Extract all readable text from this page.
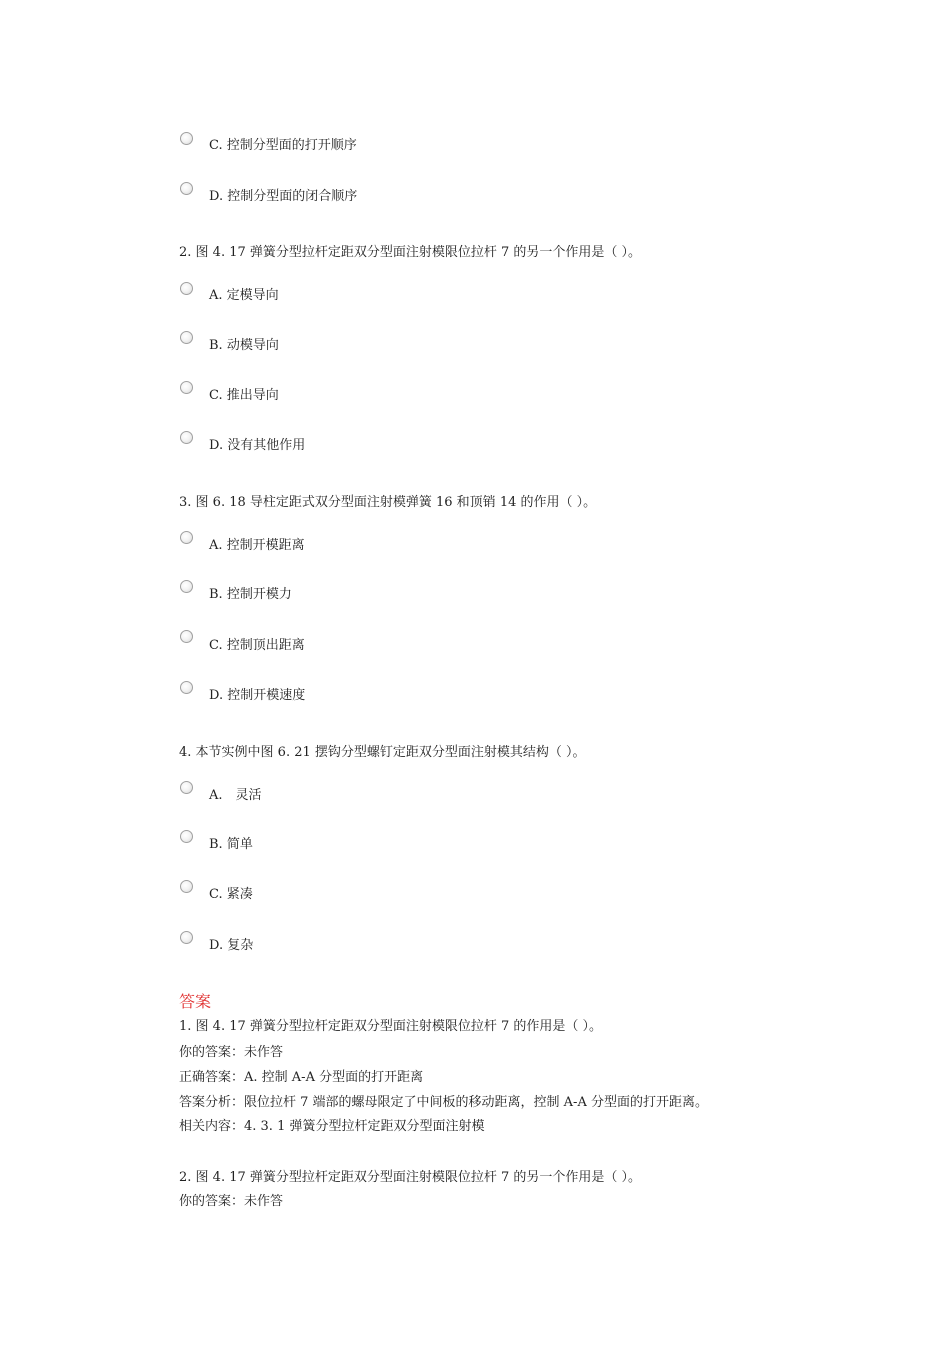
C. 控制分型面的打开顺序
D. 控制分型面的闭合顺序
2. 图 4. 17 弹簧分型拉杆定距双分型面注射模限位拉杆 7 的另一个作用是（ ）。
A. 定模导向
B. 动模导向
C. 推出导向
D. 没有其他作用
3. 图 6. 18 导柱定距式双分型面注射模弹簧 16 和顶销 14 的作用（ ）。
A. 控制开模距离
B. 控制开模力
C. 控制顶出距离
D. 控制开模速度
4. 本节实例中图 6. 21 摆钩分型螺钉定距双分型面注射模其结构（ ）。
A.　灵活
B. 简单
C. 紧凑
D. 复杂
答案
1. 图 4. 17 弹簧分型拉杆定距双分型面注射模限位拉杆 7 的作用是（ ）。
你的答案：未作答
正确答案：A. 控制 A-A 分型面的打开距离
答案分析：限位拉杆 7 端部的螺母限定了中间板的移动距离，控制 A-A 分型面的打开距离。
相关内容：4. 3. 1 弹簧分型拉杆定距双分型面注射模
2. 图 4. 17 弹簧分型拉杆定距双分型面注射模限位拉杆 7 的另一个作用是（ ）。
你的答案：未作答
